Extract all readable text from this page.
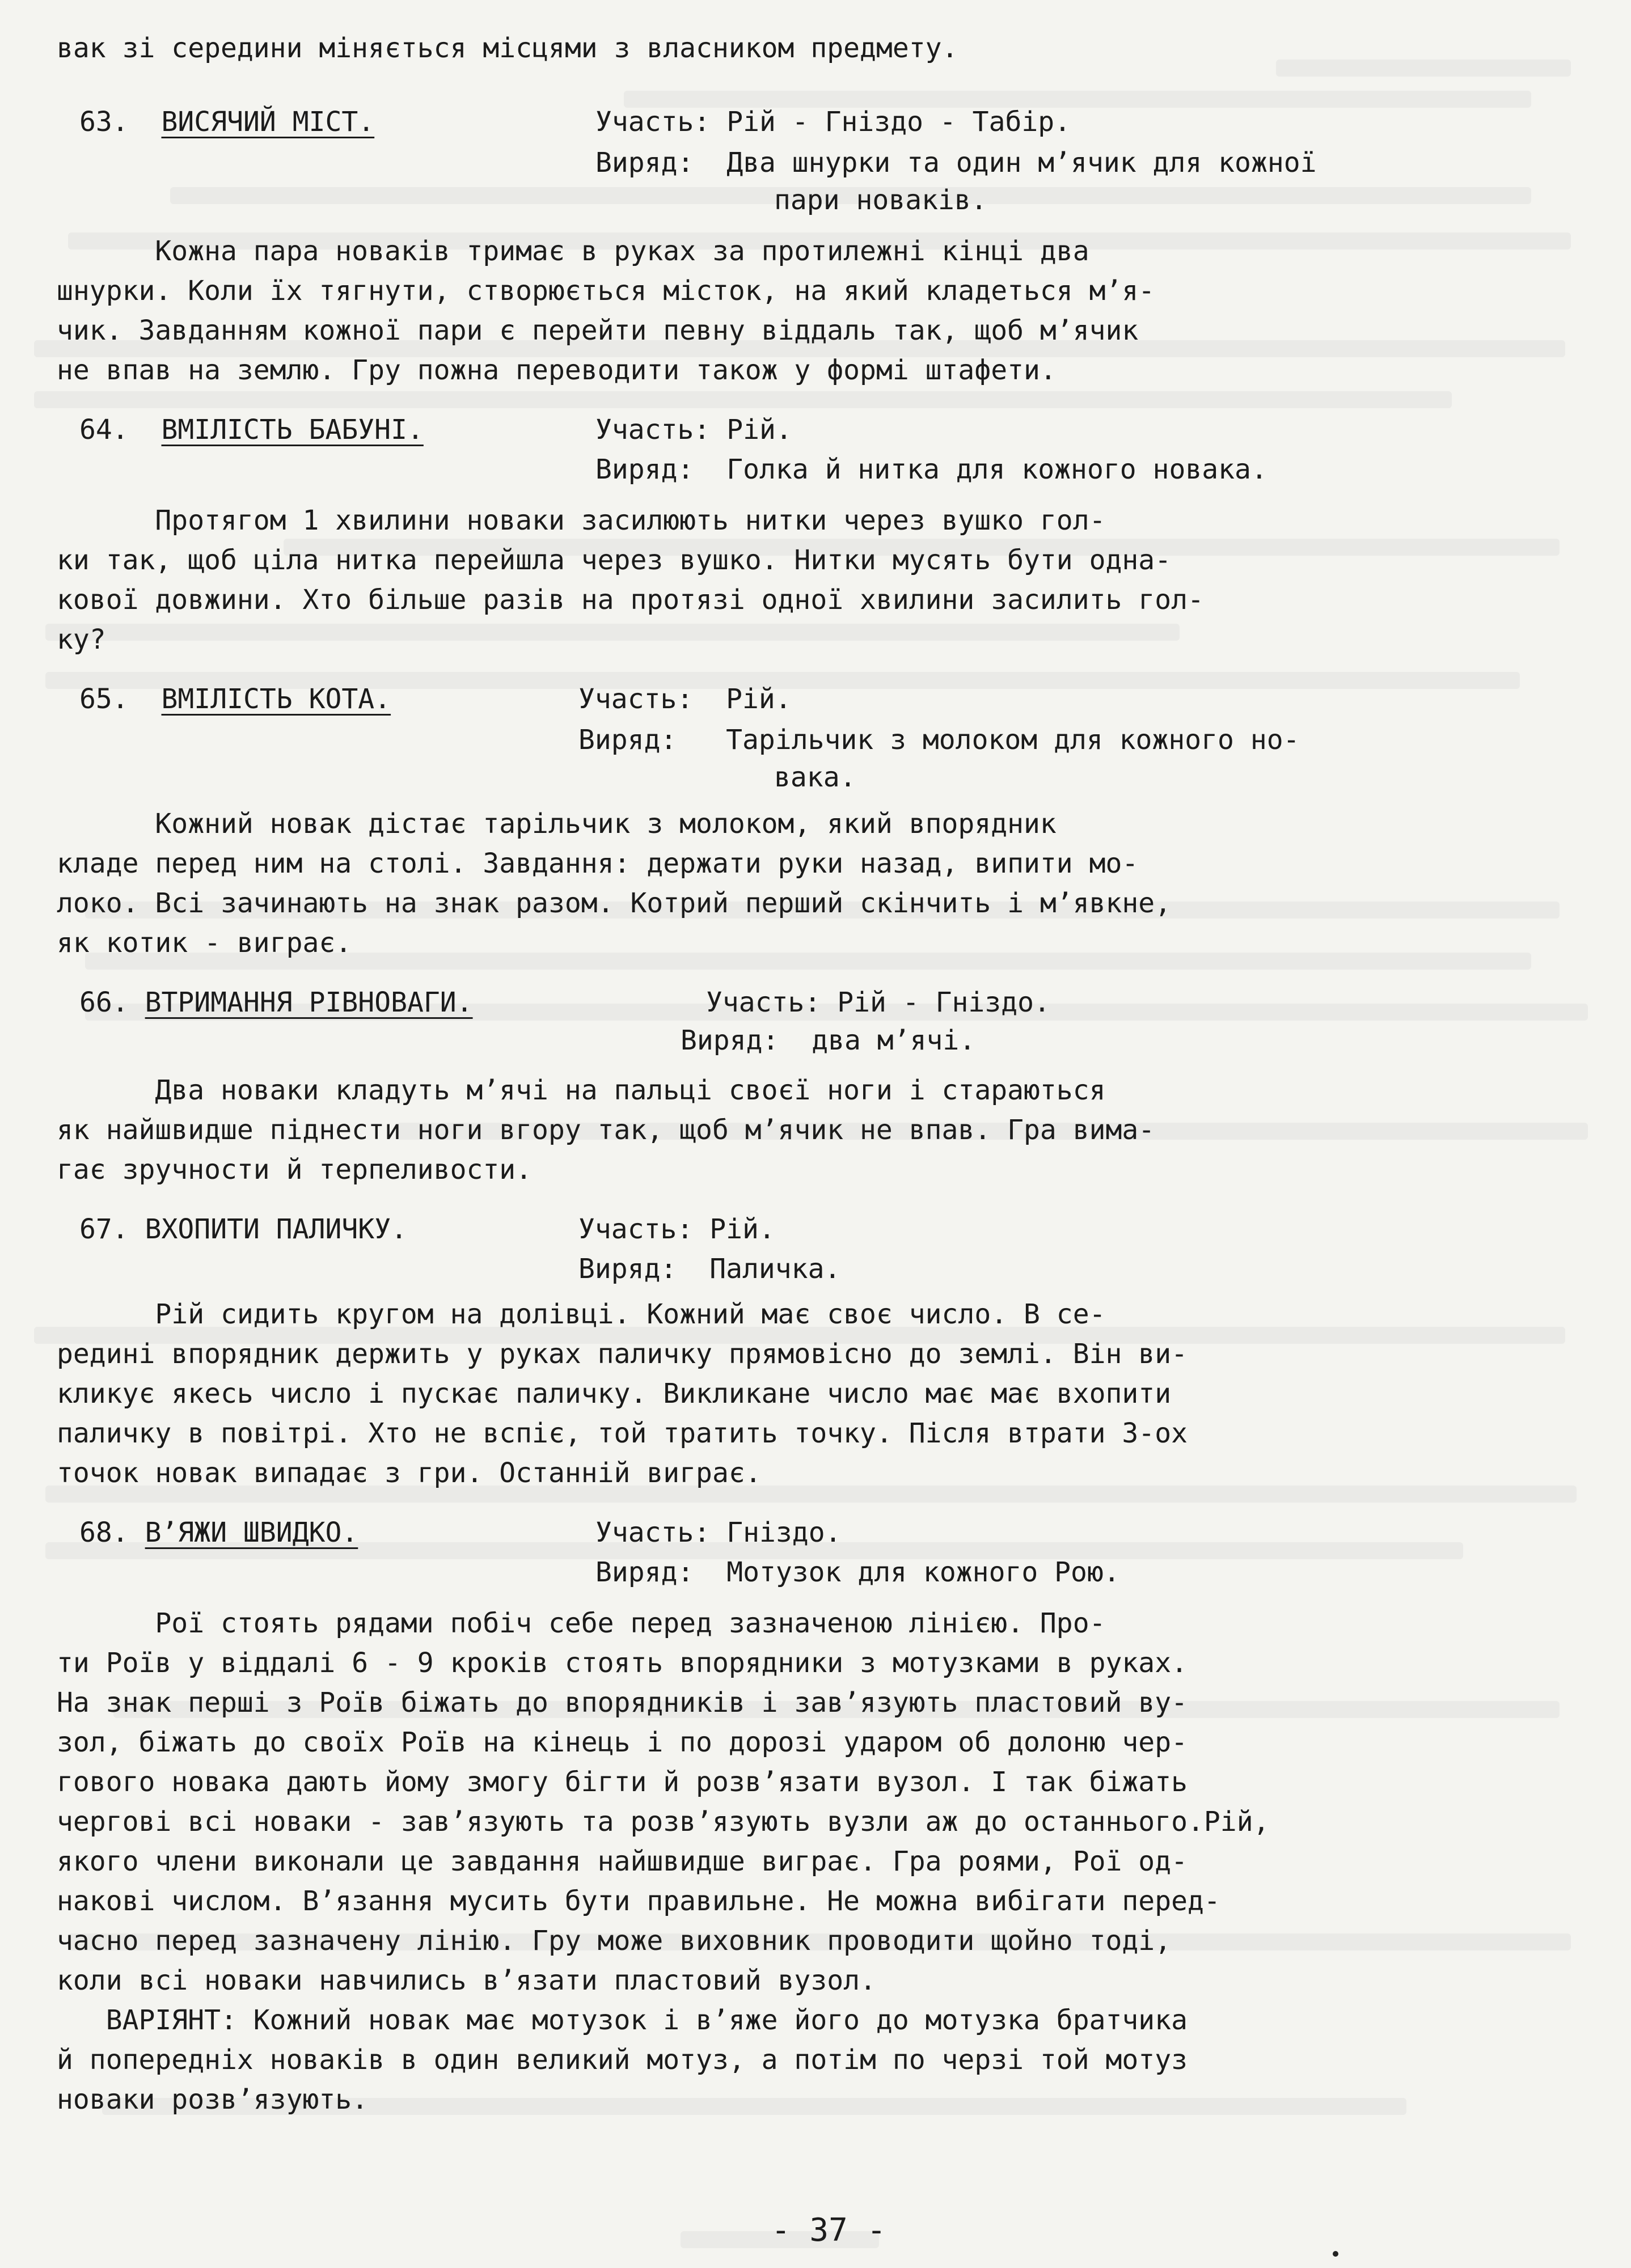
вак зі середини міняється місцями з власником предмету.

63. ВИСЯЧИЙ МІСТ.	Участь: Рій - Гніздо - Табір.

Виряд: Два шнурки та один м’ячик для кожної

пари новаків.

Кожна пара новаків тримає в руках за протилежні кінці два

шнурки. Коли їх тягнути, створюється місток, на який кладеться м’я-

чик. Завданням кожної пари є перейти певну віддаль так, щоб м’ячик

не впав на землю. Гру пожна переводити також у формі штафети.

64. ВМІЛІСТЬ БАБУНІ.	Участь: Рій.

Виряд: Голка й нитка для кожного новака.

Протягом 1 хвилини новаки засилюють нитки через вушко гол-

ки так, щоб ціла нитка перейшла через вушко. Нитки мусять бути одна-

кової довжини. Хто більше разів на протязі одної хвилини засилить гол-

ку?

65. ВМІЛІСТЬ КОТА.	Участь: Рій.

Виряд: Тарільчик з молоком для кожного но-

вака.

Кожний новак дістає тарільчик з молоком, який впорядник

кладе перед ним на столі. Завдання: держати руки назад, випити мо-

локо. Всі зачинають на знак разом. Котрий перший скінчить і м’явкне,

як котик - виграє.

66. ВТРИМАННЯ РІВНОВАГИ.	Участь: Рій - Гніздо.

Виряд: два м’ячі.

Два новаки кладуть м’ячі на пальці своєї ноги і стараються

як найшвидше піднести ноги вгору так, щоб м’ячик не впав. Гра вима-

гає зручности й терпеливости.

67. ВХОПИТИ ПАЛИЧКУ.	Участь: Рій.

Виряд: Паличка.

Рій сидить кругом на долівці. Кожний має своє число. В се-

редині впорядник держить у руках паличку прямовісно до землі. Він ви-

кликує якесь число і пускає паличку. Викликане число має має вхопити

паличку в повітрі. Хто не вспіє, той тратить точку. Після втрати 3-ох

точок новак випадає з гри. Останній виграє.

68. В’ЯЖИ ШВИДКО.	Участь: Гніздо.

Виряд: Мотузок для кожного Рою.

Рої стоять рядами побіч себе перед зазначеною лінією. Про-

ти Роїв у віддалі 6 - 9 кроків стоять впорядники з мотузками в руках.

На знак перші з Роїв біжать до впорядників і зав’язують пластовий ву-

зол, біжать до своїх Роїв на кінець і по дорозі ударом об долоню чер-

гового новака дають йому змогу бігти й розв’язати вузол. І так біжать

чергові всі новаки - зав’язують та розв’язують вузли аж до останнього.Рій,

якого члени виконали це завдання найшвидше виграє. Гра роями, Рої од-

накові числом. В’язання мусить бути правильне. Не можна вибігати перед-

часно перед зазначену лінію. Гру може виховник проводити щойно тоді,

коли всі новаки навчились в’язати пластовий вузол.

ВАРІЯНТ: Кожний новак має мотузок і в’яже його до мотузка братчика

й попередніх новаків в один великий мотуз, а потім по черзі той мотуз

новаки розв’язують.

- 37 -
